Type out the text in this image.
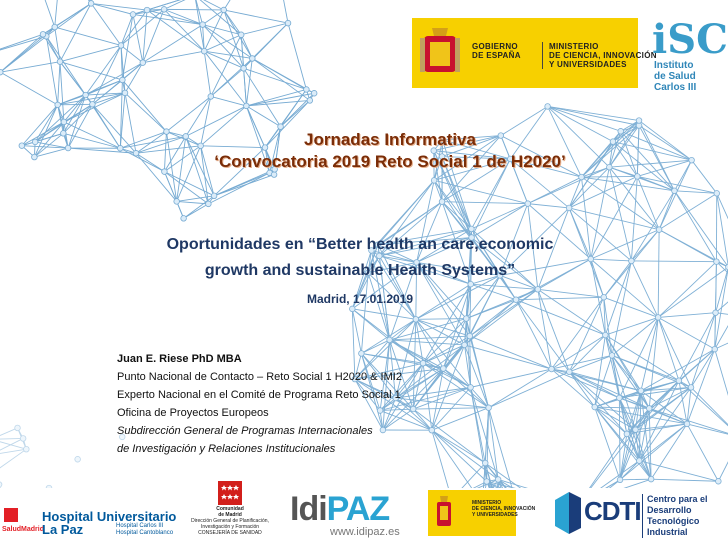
GOBIERNO
DE ESPAÑA
MINISTERIO
DE CIENCIA, INNOVACIÓN
Y UNIVERSIDADES
iSC
Instituto
de Salud
Carlos III
Jornadas Informativa
‘Convocatoria 2019 Reto Social 1 de H2020’
Oportunidades en “Better health an care,economic
growth and sustainable Health Systems”
Madrid, 17.01.2019
Juan E. Riese PhD MBA
Punto Nacional de Contacto – Reto Social 1 H2020 & IMI2
Experto Nacional en el Comité de Programa Reto Social 1
Oficina de Proyectos Europeos
Subdirección General de Programas Internacionales
de Investigación y Relaciones Institucionales
SaludMadrid
Hospital Universitario
La Paz	Hospital Carlos III
Hospital Cantoblanco
Comunidad
de Madrid
Dirección General de Planificación,
Investigación y Formación
CONSEJERÍA DE SANIDAD
IdiPAZ
www.idipaz.es
MINISTERIO
DE CIENCIA, INNOVACIÓN
Y UNIVERSIDADES	CDTI Centro para el
Desarrollo
Tecnológico
Industrial
